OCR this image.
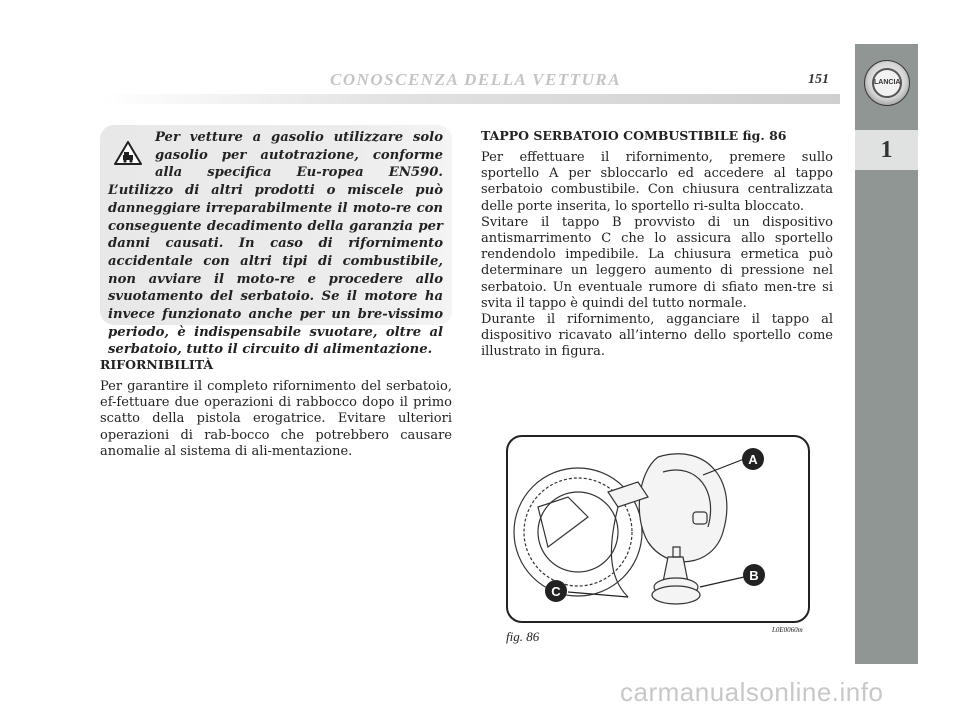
CONOSCENZA DELLA VETTURA	151	LANCIA
1
Per vetture a gasolio utilizzare solo gasolio per autotrazione, conforme alla specifica Eu-ropea EN590. L’utilizzo di altri prodotti o miscele può danneggiare irreparabilmente il moto-re con conseguente decadimento della garanzia per danni causati. In caso di rifornimento accidentale con altri tipi di combustibile, non avviare il moto-re e procedere allo svuotamento del serbatoio. Se il motore ha invece funzionato anche per un bre-vissimo periodo, è indispensabile svuotare, oltre al serbatoio, tutto il circuito di alimentazione.
RIFORNIBILITÀ
Per garantire il completo rifornimento del serbatoio, ef-fettuare due operazioni di rabbocco dopo il primo scatto della pistola erogatrice. Evitare ulteriori operazioni di rab-bocco che potrebbero causare anomalie al sistema di ali-mentazione.
TAPPO SERBATOIO COMBUSTIBILE fig. 86
Per effettuare il rifornimento, premere sullo sportello A per sbloccarlo ed accedere al tappo serbatoio combustibile. Con chiusura centralizzata delle porte inserita, lo sportello ri-sulta bloccato.
Svitare il tappo B provvisto di un dispositivo antismarrimento C che lo assicura allo sportello rendendolo impedibile. La chiusura ermetica può determinare un leggero aumento di pressione nel serbatoio. Un eventuale rumore di sfiato men-tre si svita il tappo è quindi del tutto normale.
Durante il rifornimento, agganciare il tappo al dispositivo ricavato all’interno dello sportello come illustrato in figura.
A
B
C
fig. 86	L0E0060m
carmanualsonline.info
